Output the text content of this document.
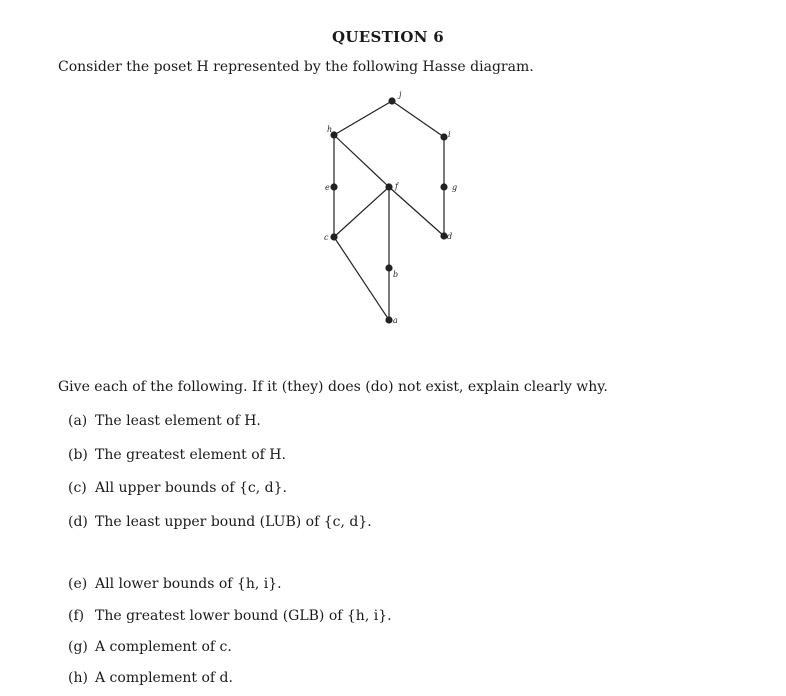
QUESTION 6
Consider the poset H represented by the following Hasse diagram.
j
h
i
e	f	g
c	d
b
a
Give each of the following. If it (they) does (do) not exist, explain clearly why.
(a) The least element of H.
(b) The greatest element of H.
(c) All upper bounds of {c, d}.
(d) The least upper bound (LUB) of {c, d}.
(e) All lower bounds of {h, i}.
(f) The greatest lower bound (GLB) of {h, i}.
(g) A complement of c.
(h) A complement of d.
